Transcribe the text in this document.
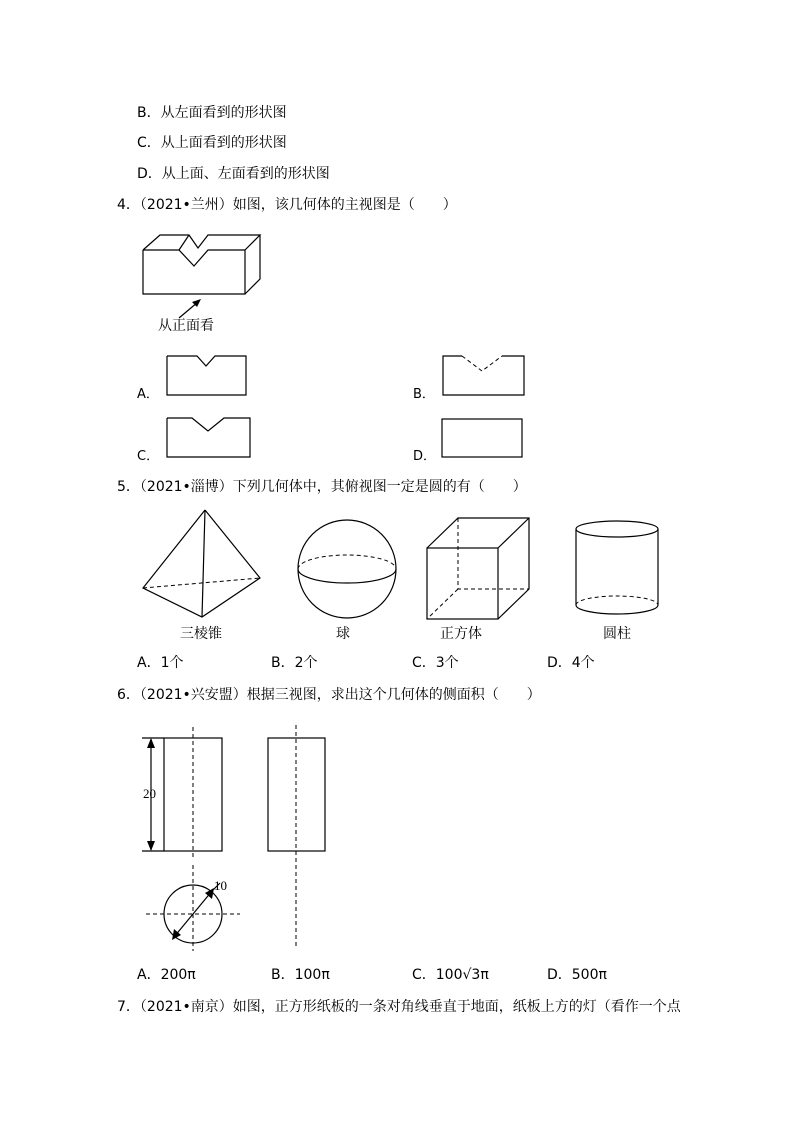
B．从左面看到的形状图
C．从上面看到的形状图
D．从上面、左面看到的形状图
4．（2021•兰州）如图，该几何体的主视图是（　　）
从正面看
A．	B．
C．	D．
5．（2021•淄博）下列几何体中，其俯视图一定是圆的有（　　）
三棱锥	球	正方体	圆柱
A．1个	B．2个	C．3个	D．4个
6．（2021•兴安盟）根据三视图，求出这个几何体的侧面积（　　）
20
10
A．200π	B．100π	C．100√3π	D．500π
7．（2021•南京）如图，正方形纸板的一条对角线垂直于地面，纸板上方的灯（看作一个点
